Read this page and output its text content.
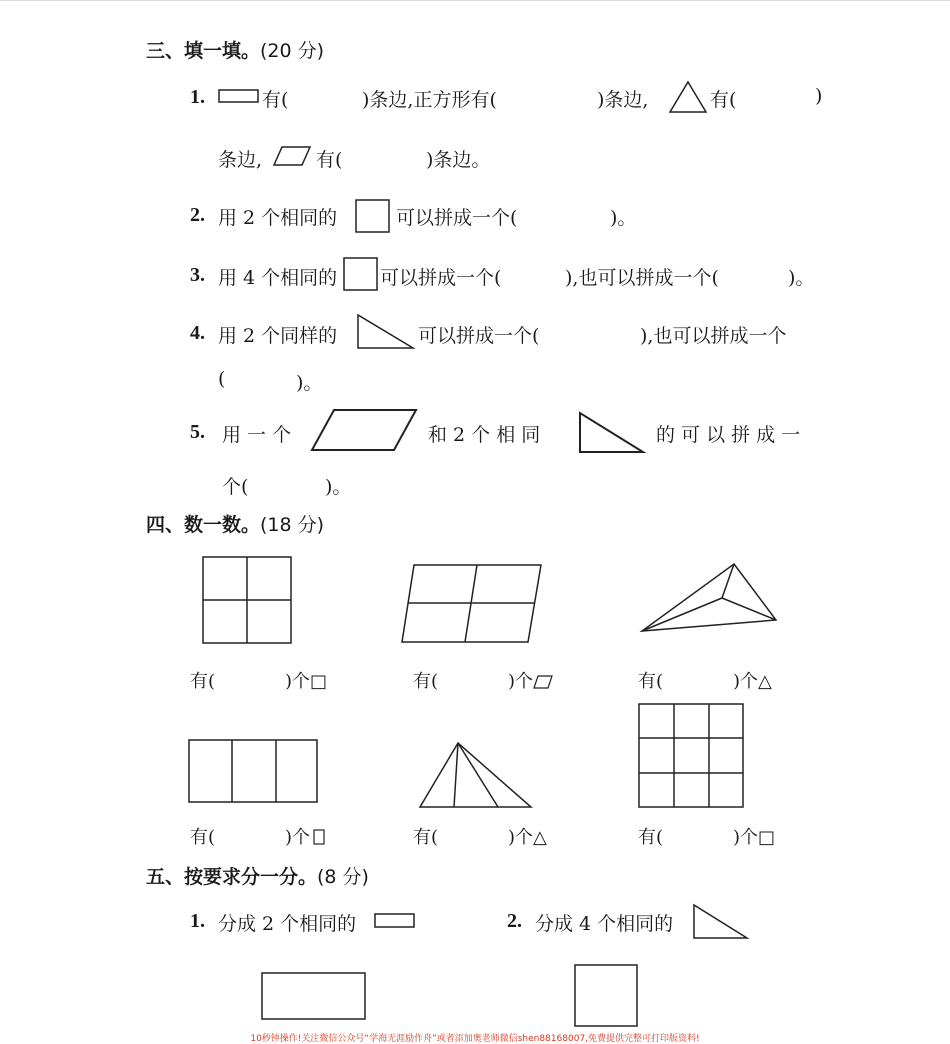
三、填一填。(20 分)
1.	有(	)条边,正方形有(	)条边,	有(	)
条边,	有(	)条边。
2. 用 2 个相同的	可以拼成一个(	)。
3. 用 4 个相同的 可以拼成一个(	),也可以拼成一个(	)。
4. 用 2 个同样的	可以拼成一个(	),也可以拼成一个
(	)。
5. 用 一 个	和 2 个 相 同	的 可 以 拼 成 一
个(	)。
四、数一数。(18 分)
有(	)个□	有(	)个	有(	)个△
有(	)个	有(	)个△	有(	)个□
五、按要求分一分。(8 分)
1. 分成 2 个相同的	2. 分成 4 个相同的
10秒钟操作!关注微信公众号“学海无涯励作舟”或者添加奥老师微信shen88168007,免费提供完整可打印版资料!
